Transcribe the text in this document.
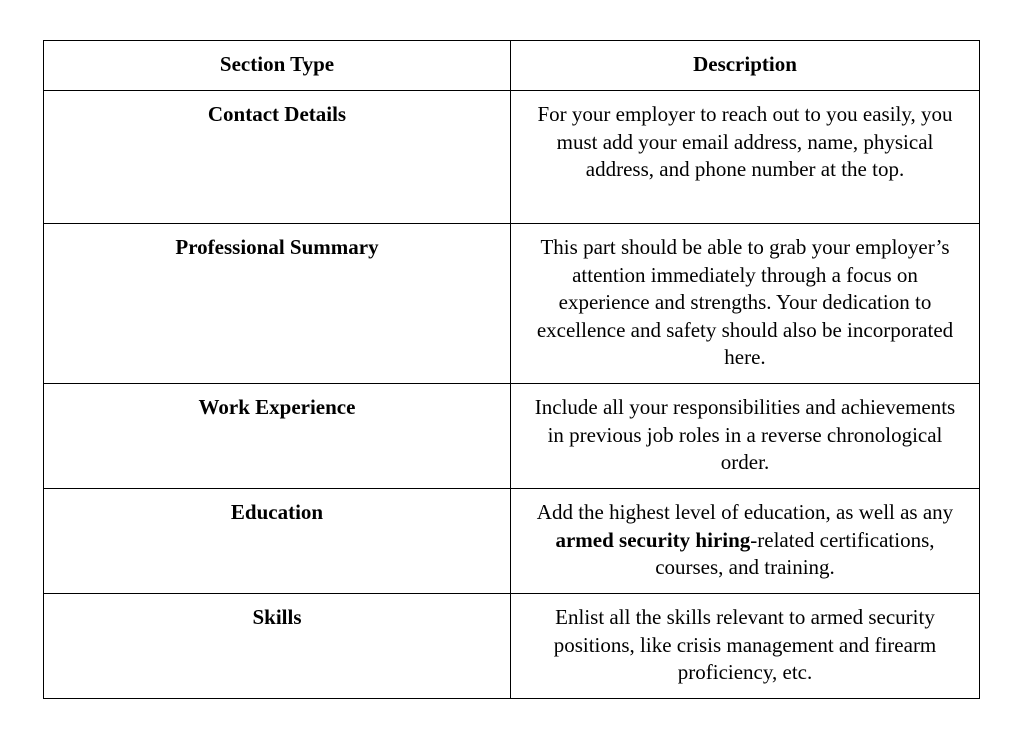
Section Type	Description
Contact Details	For your employer to reach out to you easily, you must add your email address, name, physical address, and phone number at the top.
Professional Summary	This part should be able to grab your employer’s attention immediately through a focus on experience and strengths. Your dedication to excellence and safety should also be incorporated here.
Work Experience	Include all your responsibilities and achievements in previous job roles in a reverse chronological order.
Education	Add the highest level of education, as well as any armed security hiring-related certifications, courses, and training.
Skills	Enlist all the skills relevant to armed security positions, like crisis management and firearm proficiency, etc.
